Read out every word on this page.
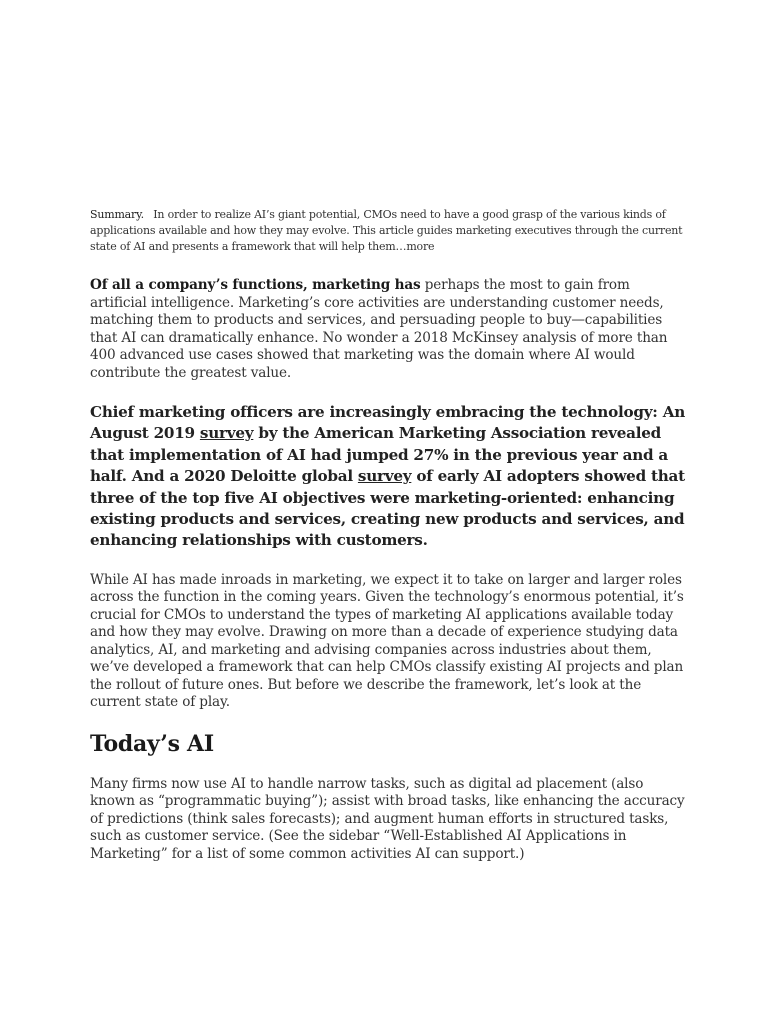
Summary. In order to realize AI’s giant potential, CMOs need to have a good grasp of the various kinds of applications available and how they may evolve. This article guides marketing executives through the current state of AI and presents a framework that will help them…more

Of all a company’s functions, marketing has perhaps the most to gain from artificial intelligence. Marketing’s core activities are understanding customer needs, matching them to products and services, and persuading people to buy—capabilities that AI can dramatically enhance. No wonder a 2018 McKinsey analysis of more than 400 advanced use cases showed that marketing was the domain where AI would contribute the greatest value.

Chief marketing officers are increasingly embracing the technology: An August 2019 survey by the American Marketing Association revealed that implementation of AI had jumped 27% in the previous year and a half. And a 2020 Deloitte global survey of early AI adopters showed that three of the top five AI objectives were marketing-oriented: enhancing existing products and services, creating new products and services, and enhancing relationships with customers.

While AI has made inroads in marketing, we expect it to take on larger and larger roles across the function in the coming years. Given the technology’s enormous potential, it’s crucial for CMOs to understand the types of marketing AI applications available today and how they may evolve. Drawing on more than a decade of experience studying data analytics, AI, and marketing and advising companies across industries about them, we’ve developed a framework that can help CMOs classify existing AI projects and plan the rollout of future ones. But before we describe the framework, let’s look at the current state of play.

Today’s AI

Many firms now use AI to handle narrow tasks, such as digital ad placement (also known as “programmatic buying”); assist with broad tasks, like enhancing the accuracy of predictions (think sales forecasts); and augment human efforts in structured tasks, such as customer service. (See the sidebar “Well-Established AI Applications in Marketing” for a list of some common activities AI can support.)
